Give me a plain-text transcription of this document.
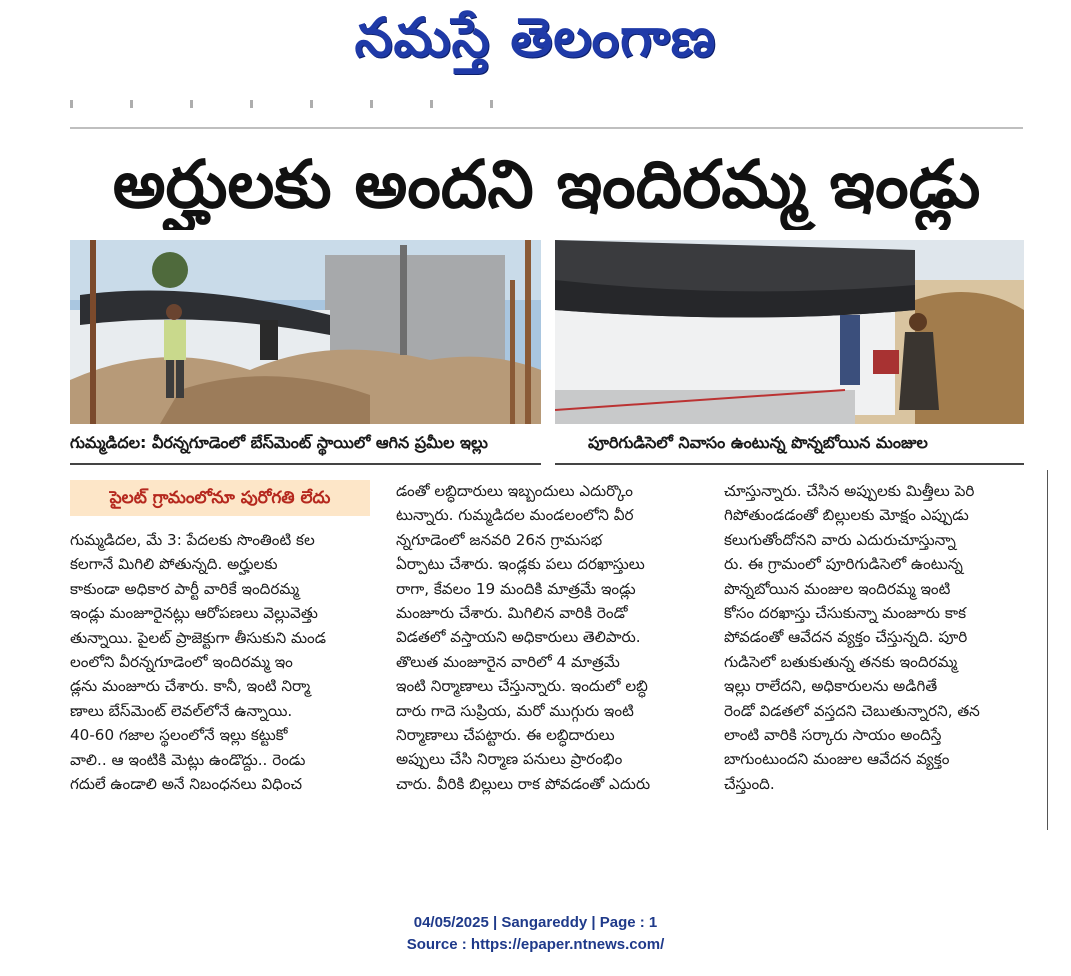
నమస్తే తెలంగాణ
అర్హులకు అందని ఇందిరమ్మ ఇండ్లు
గుమ్మడిదల: వీరన్నగూడెంలో బేస్‌మెంట్ స్థాయిలో ఆగిన ప్రమీల ఇల్లు	పూరిగుడిసెలో నివాసం ఉంటున్న పొన్నబోయిన మంజుల
పైలట్ గ్రామంలోనూ పురోగతి లేదు
గుమ్మడిదల, మే 3: పేదలకు సొంతింటి కల
కలగానే మిగిలి పోతున్నది. అర్హులకు
కాకుండా అధికార పార్టీ వారికే ఇందిరమ్మ
ఇండ్లు మంజూరైనట్లు ఆరోపణలు వెల్లువెత్తు
తున్నాయి. పైలట్ ప్రాజెక్టుగా తీసుకుని మండ
లంలోని వీరన్నగూడెంలో ఇందిరమ్మ ఇం
డ్లను మంజూరు చేశారు. కానీ, ఇంటి నిర్మా
ణాలు బేస్‌మెంట్ లెవల్‌లోనే ఉన్నాయి.
40-60 గజాల స్థలంలోనే ఇల్లు కట్టుకో
వాలి.. ఆ ఇంటికి మెట్లు ఉండొద్దు.. రెండు
గదులే ఉండాలి అనే నిబంధనలు విధించ
డంతో లబ్ధిదారులు ఇబ్బందులు ఎదుర్కొం
టున్నారు. గుమ్మడిదల మండలంలోని వీర
న్నగూడెంలో జనవరి 26న గ్రామసభ
ఏర్పాటు చేశారు. ఇండ్లకు పలు దరఖాస్తులు
రాగా, కేవలం 19 మందికి మాత్రమే ఇండ్లు
మంజూరు చేశారు. మిగిలిన వారికి రెండో
విడతలో వస్తాయని అధికారులు తెలిపారు.
తొలుత మంజూరైన వారిలో 4 మాత్రమే
ఇంటి నిర్మాణాలు చేస్తున్నారు. ఇందులో లబ్ధి
దారు గాదె సుప్రియ, మరో ముగ్గురు ఇంటి
నిర్మాణాలు చేపట్టారు. ఈ లబ్ధిదారులు
అప్పులు చేసి నిర్మాణ పనులు ప్రారంభిం
చారు. వీరికి బిల్లులు రాక పోవడంతో ఎదురు
చూస్తున్నారు. చేసిన అప్పులకు మిత్తీలు పెరి
గిపోతుండడంతో బిల్లులకు మోక్షం ఎప్పుడు
కలుగుతోందోనని వారు ఎదురుచూస్తున్నా
రు. ఈ గ్రామంలో పూరిగుడిసెలో ఉంటున్న
పొన్నబోయిన మంజుల ఇందిరమ్మ ఇంటి
కోసం దరఖాస్తు చేసుకున్నా మంజూరు కాక
పోవడంతో ఆవేదన వ్యక్తం చేస్తున్నది. పూరి
గుడిసెలో బతుకుతున్న తనకు ఇందిరమ్మ
ఇల్లు రాలేదని, అధికారులను అడిగితే
రెండో విడతలో వస్తదని చెబుతున్నారని, తన
లాంటి వారికి సర్కారు సాయం అందిస్తే
బాగుంటుందని మంజుల ఆవేదన వ్యక్తం
చేస్తుంది.
04/05/2025 | Sangareddy | Page : 1
Source : https://epaper.ntnews.com/
